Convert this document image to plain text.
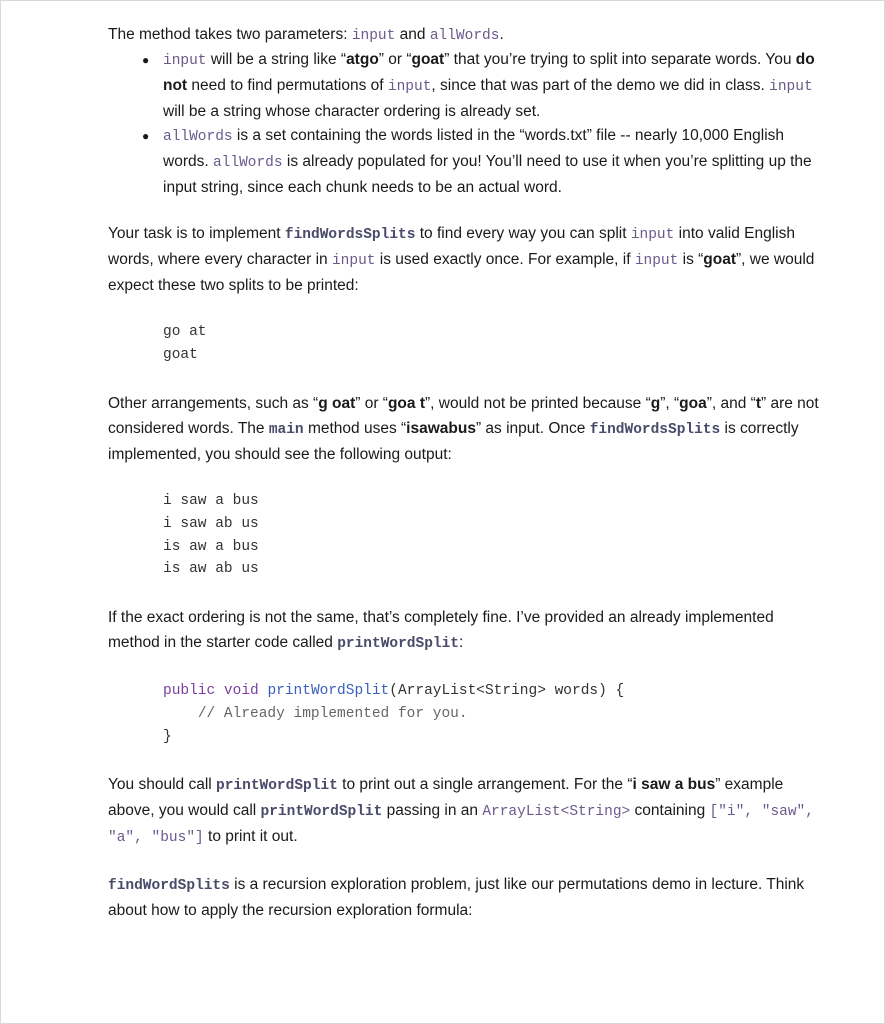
The method takes two parameters: input and allWords.

● input will be a string like “atgo” or “goat” that you’re trying to split into separate words. You do not need to find permutations of input, since that was part of the demo we did in class. input will be a string whose character ordering is already set.
● allWords is a set containing the words listed in the “words.txt” file -- nearly 10,000 English words. allWords is already populated for you! You’ll need to use it when you’re splitting up the input string, since each chunk needs to be an actual word.

Your task is to implement findWordsSplits to find every way you can split input into valid English words, where every character in input is used exactly once. For example, if input is “goat”, we would expect these two splits to be printed:

go at
goat

Other arrangements, such as “g oat” or “goa t”, would not be printed because “g”, “goa”, and “t” are not considered words. The main method uses “isawabus” as input. Once findWordsSplits is correctly implemented, you should see the following output:

i saw a bus
i saw ab us
is aw a bus
is aw ab us

If the exact ordering is not the same, that’s completely fine. I’ve provided an already implemented method in the starter code called printWordSplit:

public void printWordSplit(ArrayList<String> words) {
// Already implemented for you.
}

You should call printWordSplit to print out a single arrangement. For the “i saw a bus” example above, you would call printWordSplit passing in an ArrayList<String> containing ["i", "saw", "a", "bus"] to print it out.

findWordSplits is a recursion exploration problem, just like our permutations demo in lecture. Think about how to apply the recursion exploration formula:
